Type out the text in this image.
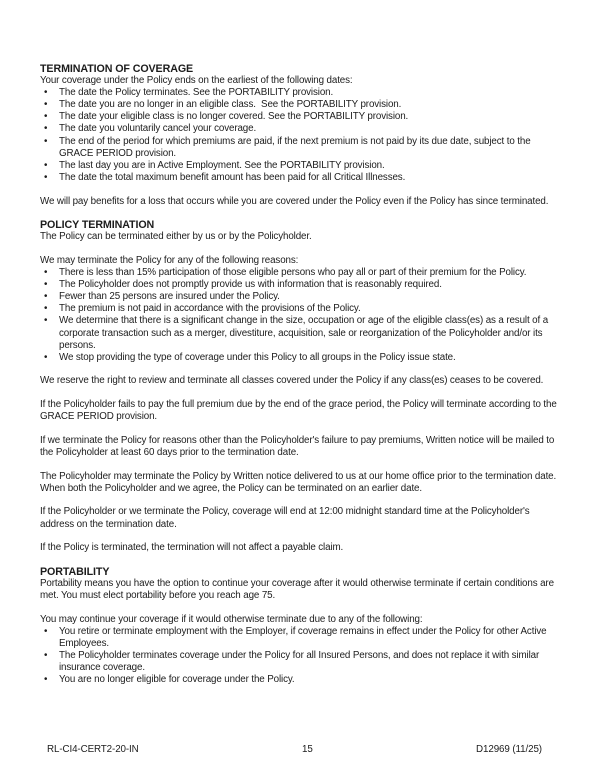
TERMINATION OF COVERAGE

Your coverage under the Policy ends on the earliest of the following dates:

• The date the Policy terminates. See the PORTABILITY provision.
• The date you are no longer in an eligible class.  See the PORTABILITY provision.
• The date your eligible class is no longer covered. See the PORTABILITY provision.
• The date you voluntarily cancel your coverage.
• The end of the period for which premiums are paid, if the next premium is not paid by its due date, subject to the GRACE PERIOD provision.
• The last day you are in Active Employment. See the PORTABILITY provision.
• The date the total maximum benefit amount has been paid for all Critical Illnesses.

We will pay benefits for a loss that occurs while you are covered under the Policy even if the Policy has since terminated.

POLICY TERMINATION

The Policy can be terminated either by us or by the Policyholder.

We may terminate the Policy for any of the following reasons:

• There is less than 15% participation of those eligible persons who pay all or part of their premium for the Policy.
• The Policyholder does not promptly provide us with information that is reasonably required.
• Fewer than 25 persons are insured under the Policy.
• The premium is not paid in accordance with the provisions of the Policy.
• We determine that there is a significant change in the size, occupation or age of the eligible class(es) as a result of a corporate transaction such as a merger, divestiture, acquisition, sale or reorganization of the Policyholder and/or its persons.
• We stop providing the type of coverage under this Policy to all groups in the Policy issue state.

We reserve the right to review and terminate all classes covered under the Policy if any class(es) ceases to be covered.

If the Policyholder fails to pay the full premium due by the end of the grace period, the Policy will terminate according to the GRACE PERIOD provision.

If we terminate the Policy for reasons other than the Policyholder's failure to pay premiums, Written notice will be mailed to the Policyholder at least 60 days prior to the termination date.

The Policyholder may terminate the Policy by Written notice delivered to us at our home office prior to the termination date.  When both the Policyholder and we agree, the Policy can be terminated on an earlier date.

If the Policyholder or we terminate the Policy, coverage will end at 12:00 midnight standard time at the Policyholder's address on the termination date.

If the Policy is terminated, the termination will not affect a payable claim.

PORTABILITY

Portability means you have the option to continue your coverage after it would otherwise terminate if certain conditions are met. You must elect portability before you reach age 75.

You may continue your coverage if it would otherwise terminate due to any of the following:

• You retire or terminate employment with the Employer, if coverage remains in effect under the Policy for other Active Employees.
• The Policyholder terminates coverage under the Policy for all Insured Persons, and does not replace it with similar insurance coverage.
• You are no longer eligible for coverage under the Policy.
RL-CI4-CERT2-20-IN	15	D12969 (11/25)
